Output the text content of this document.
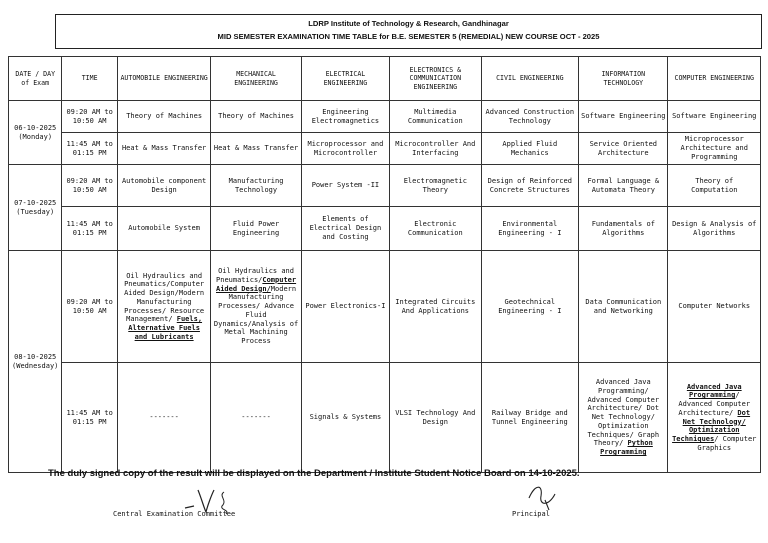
LDRP Institute of Technology & Research, Gandhinagar
MID SEMESTER EXAMINATION TIME TABLE for B.E. SEMESTER 5 (REMEDIAL) NEW COURSE OCT - 2025
DATE / DAY of Exam	TIME	AUTOMOBILE ENGINEERING	MECHANICAL ENGINEERING	ELECTRICAL ENGINEERING	ELECTRONICS & COMMUNICATION ENGINEERING	CIVIL ENGINEERING	INFORMATION TECHNOLOGY	COMPUTER ENGINEERING
06-10-2025
(Monday)	09:20 AM to 10:50 AM	Theory of Machines	Theory of Machines	Engineering Electromagnetics	Multimedia Communication	Advanced Construction Technology	Software Engineering	Software Engineering
	11:45 AM to 01:15 PM	Heat & Mass Transfer	Heat & Mass Transfer	Microprocessor and Microcontroller	Microcontroller And Interfacing	Applied Fluid Mechanics	Service Oriented Architecture	Microprocessor Architecture and Programming
07-10-2025
(Tuesday)	09:20 AM to 10:50 AM	Automobile component Design	Manufacturing Technology	Power System -II	Electromagnetic Theory	Design of Reinforced Concrete Structures	Formal Language & Automata Theory	Theory of Computation
	11:45 AM to 01:15 PM	Automobile System	Fluid Power Engineering	Elements of Electrical Design and Costing	Electronic Communication	Environmental Engineering - I	Fundamentals of Algorithms	Design & Analysis of Algorithms
08-10-2025
(Wednesday)	09:20 AM to 10:50 AM	Oil Hydraulics and Pneumatics/Computer Aided Design/Modern Manufacturing Processes/ Resource Management/ Fuels, Alternative Fuels and Lubricants	Oil Hydraulics and Pneumatics/Computer Aided Design/Modern Manufacturing Processes/ Advance Fluid Dynamics/Analysis of Metal Machining Process	Power Electronics-I	Integrated Circuits And Applications	Geotechnical Engineering - I	Data Communication and Networking	Computer Networks
	11:45 AM to 01:15 PM	-------	-------	Signals & Systems	VLSI Technology And Design	Railway Bridge and Tunnel Engineering	Advanced Java Programming/ Advanced Computer Architecture/ Dot Net Technology/ Optimization Techniques/ Graph Theory/ Python Programming	Advanced Java Programming/ Advanced Computer Architecture/ Dot Net Technology/ Optimization Techniques/ Computer Graphics
The duly signed copy of the result will be displayed on the Department / Institute Student Notice Board on 14-10-2025.
Central Examination Committee	Principal
